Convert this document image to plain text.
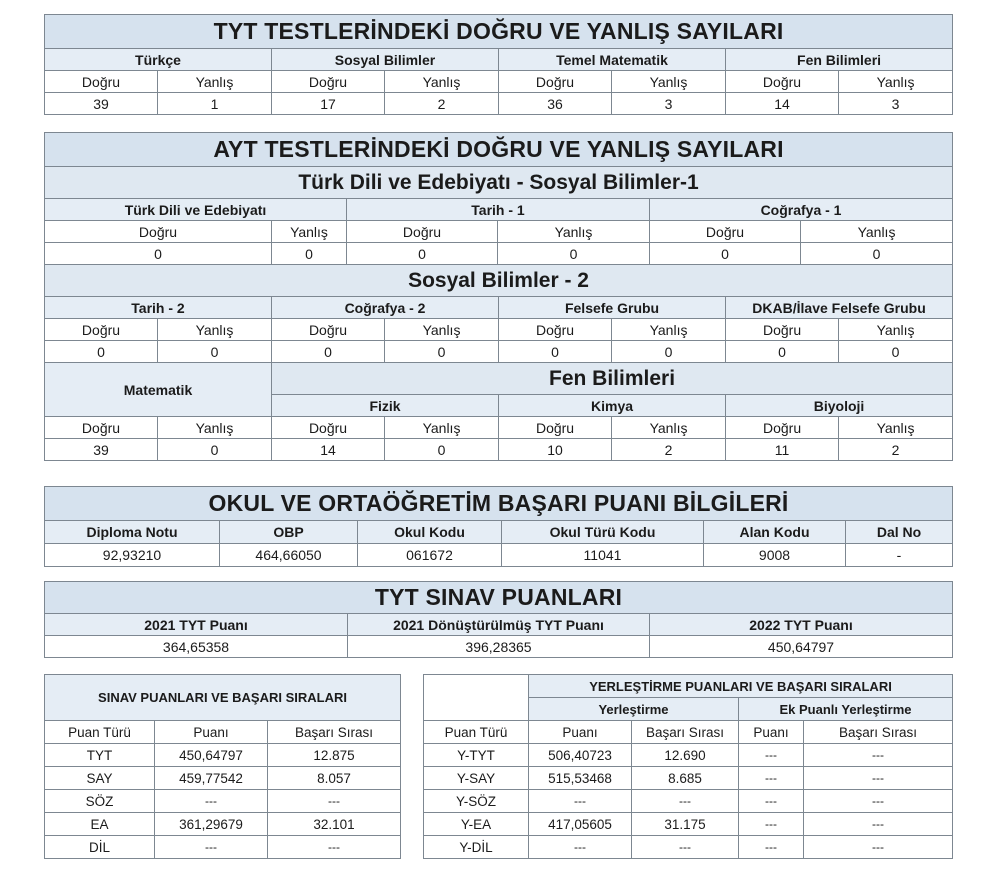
TYT TESTLERİNDEKİ DOĞRU VE YANLIŞ SAYILARI							
Türkçe		Sosyal Bilimler		Temel Matematik		Fen Bilimleri	
Doğru	Yanlış	Doğru	Yanlış	Doğru	Yanlış	Doğru	Yanlış
39	1	17	2	36	3	14	3
AYT TESTLERİNDEKİ DOĞRU VE YANLIŞ SAYILARI					
Türk Dili ve Edebiyatı - Sosyal Bilimler-1					
Türk Dili ve Edebiyatı		Tarih - 1		Coğrafya - 1	
Doğru	Yanlış	Doğru	Yanlış	Doğru	Yanlış
0	0	0	0	0	0
Sosyal Bilimler - 2					
Tarih - 2		Coğrafya - 2		Felsefe Grubu		DKAB/İlave Felsefe Grubu	
Doğru	Yanlış	Doğru	Yanlış	Doğru	Yanlış	Doğru	Yanlış
0	0	0	0	0	0	0	0
Matematik		Fen Bilimleri					
		Fizik		Kimya		Biyoloji	
Doğru	Yanlış	Doğru	Yanlış	Doğru	Yanlış	Doğru	Yanlış
39	0	14	0	10	2	11	2
OKUL VE ORTAÖĞRETİM BAŞARI PUANI BİLGİLERİ					
Diploma Notu	OBP	Okul Kodu	Okul Türü Kodu	Alan Kodu	Dal No
92,93210	464,66050	061672	11041	9008	-
TYT SINAV PUANLARI		
2021 TYT Puanı	2021 Dönüştürülmüş TYT Puanı	2022 TYT Puanı
364,65358	396,28365	450,64797
SINAV PUANLARI VE BAŞARI SIRALARI		
Puan Türü	Puanı	Başarı Sırası
TYT	450,64797	12.875
SAY	459,77542	8.057
SÖZ	---	---
EA	361,29679	32.101
DİL	---	---
	YERLEŞTİRME PUANLARI VE BAŞARI SIRALARI			
	Yerleştirme		Ek Puanlı Yerleştirme	
Puan Türü	Puanı	Başarı Sırası	Puanı	Başarı Sırası
Y-TYT	506,40723	12.690	---	---
Y-SAY	515,53468	8.685	---	---
Y-SÖZ	---	---	---	---
Y-EA	417,05605	31.175	---	---
Y-DİL	---	---	---	---
